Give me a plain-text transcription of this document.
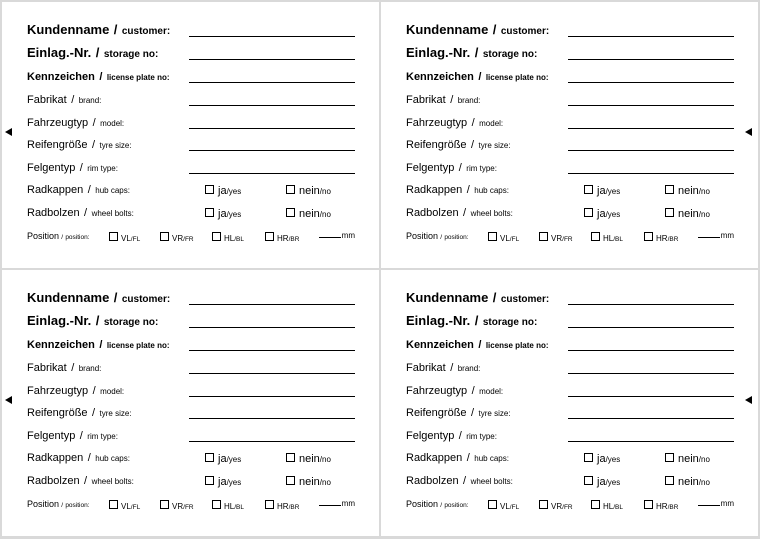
Kundenname / customer:
Einlag.-Nr. / storage no:
Kennzeichen / license plate no:
Fabrikat / brand:
Fahrzeugtyp / model:
Reifengröße / tyre size:
Felgentyp / rim type:
Radkappen / hub caps:	ja/yes	nein/no
Radbolzen / wheel bolts:	ja/yes	nein/no
Position / position:	VL/FL	VR/FR	HL/BL	HR/BR	mm
Kundenname / customer:
Einlag.-Nr. / storage no:
Kennzeichen / license plate no:
Fabrikat / brand:
Fahrzeugtyp / model:
Reifengröße / tyre size:
Felgentyp / rim type:
Radkappen / hub caps:	ja/yes	nein/no
Radbolzen / wheel bolts:	ja/yes	nein/no
Position / position:	VL/FL	VR/FR	HL/BL	HR/BR	mm
Kundenname / customer:
Einlag.-Nr. / storage no:
Kennzeichen / license plate no:
Fabrikat / brand:
Fahrzeugtyp / model:
Reifengröße / tyre size:
Felgentyp / rim type:
Radkappen / hub caps:	ja/yes	nein/no
Radbolzen / wheel bolts:	ja/yes	nein/no
Position / position:	VL/FL	VR/FR	HL/BL	HR/BR	mm
Kundenname / customer:
Einlag.-Nr. / storage no:
Kennzeichen / license plate no:
Fabrikat / brand:
Fahrzeugtyp / model:
Reifengröße / tyre size:
Felgentyp / rim type:
Radkappen / hub caps:	ja/yes	nein/no
Radbolzen / wheel bolts:	ja/yes	nein/no
Position / position:	VL/FL	VR/FR	HL/BL	HR/BR	mm
